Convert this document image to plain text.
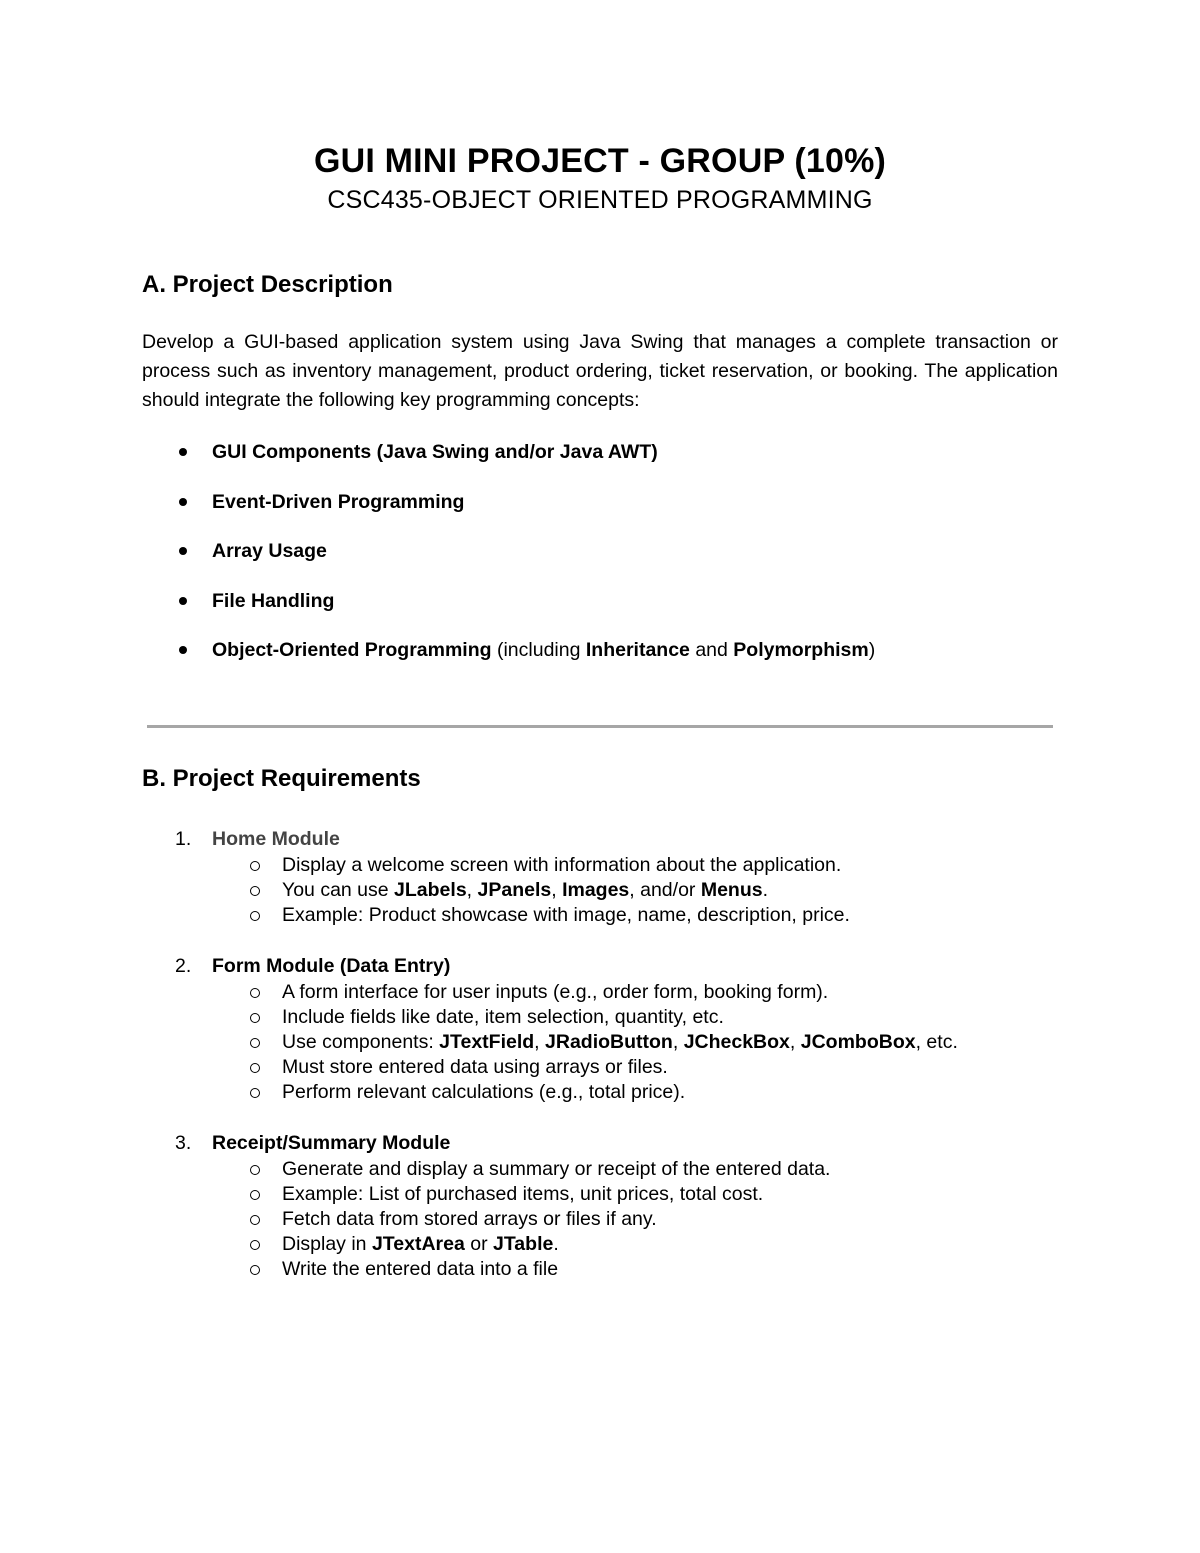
GUI MINI PROJECT - GROUP (10%)
CSC435-OBJECT ORIENTED PROGRAMMING
A. Project Description
Develop a GUI-based application system using Java Swing that manages a complete transaction or process such as inventory management, product ordering, ticket reservation, or booking. The application should integrate the following key programming concepts:
GUI Components (Java Swing and/or Java AWT)
Event-Driven Programming
Array Usage
File Handling
Object-Oriented Programming (including Inheritance and Polymorphism)
B. Project Requirements
1. Home Module
Display a welcome screen with information about the application.
You can use JLabels, JPanels, Images, and/or Menus.
Example: Product showcase with image, name, description, price.
2. Form Module (Data Entry)
A form interface for user inputs (e.g., order form, booking form).
Include fields like date, item selection, quantity, etc.
Use components: JTextField, JRadioButton, JCheckBox, JComboBox, etc.
Must store entered data using arrays or files.
Perform relevant calculations (e.g., total price).
3. Receipt/Summary Module
Generate and display a summary or receipt of the entered data.
Example: List of purchased items, unit prices, total cost.
Fetch data from stored arrays or files if any.
Display in JTextArea or JTable.
Write the entered data into a file
